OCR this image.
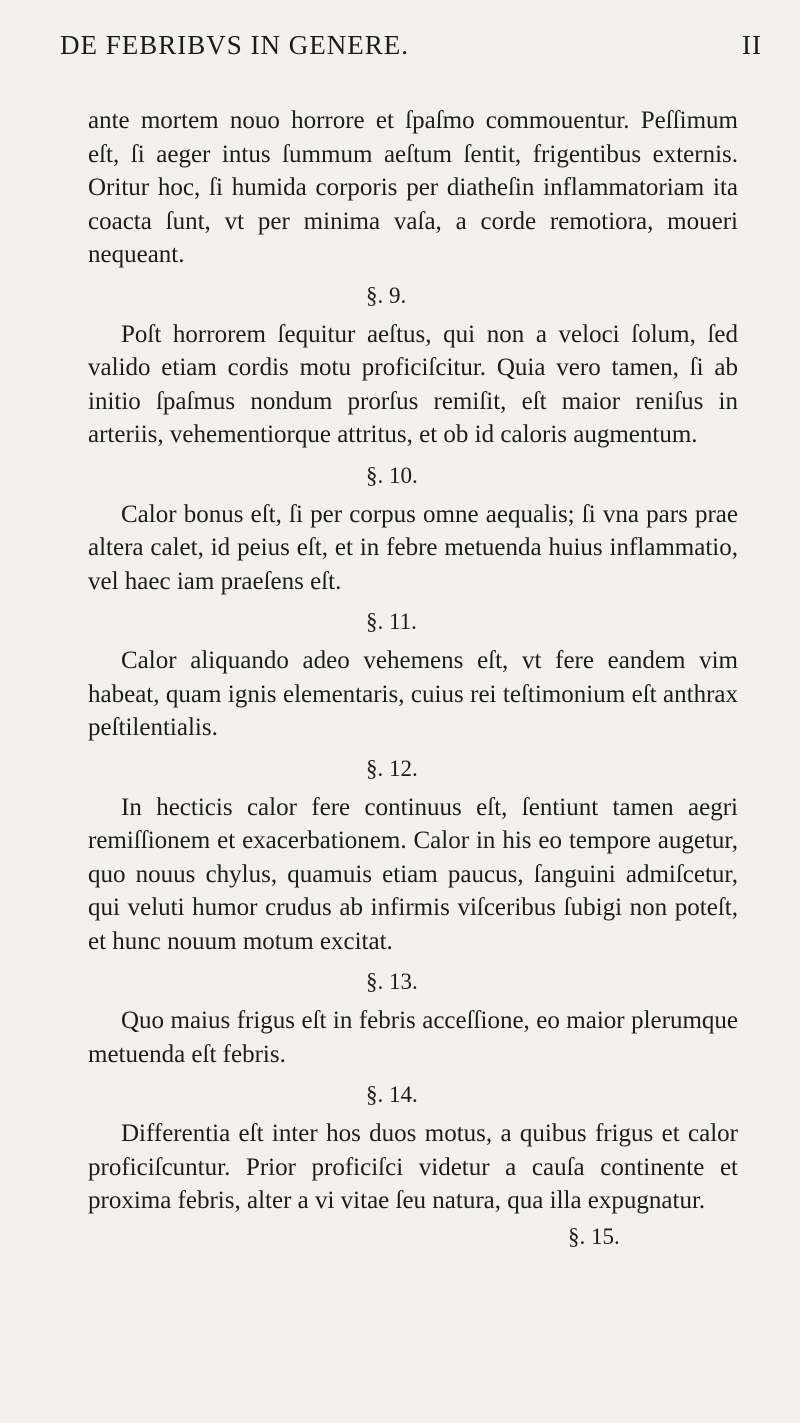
DE FEBRIBVS IN GENERE.	II

ante mortem nouo horrore et ſpaſmo commouentur. Peſſimum eſt, ſi aeger intus ſummum aeſtum ſentit, frigentibus externis. Oritur hoc, ſi humida corporis per diatheſin inflammatoriam ita coacta ſunt, vt per minima vaſa, a corde remotiora, moueri nequeant.

§. 9.

Poſt horrorem ſequitur aeſtus, qui non a veloci ſolum, ſed valido etiam cordis motu proficiſcitur. Quia vero tamen, ſi ab initio ſpaſmus nondum prorſus remiſit, eſt maior reniſus in arteriis, vehementiorque attritus, et ob id caloris augmentum.

§. 10.

Calor bonus eſt, ſi per corpus omne aequalis; ſi vna pars prae altera calet, id peius eſt, et in febre metuenda huius inflammatio, vel haec iam praeſens eſt.

§. 11.

Calor aliquando adeo vehemens eſt, vt fere eandem vim habeat, quam ignis elementaris, cuius rei teſtimonium eſt anthrax peſtilentialis.

§. 12.

In hecticis calor fere continuus eſt, ſentiunt tamen aegri remiſſionem et exacerbationem. Calor in his eo tempore augetur, quo nouus chylus, quamuis etiam paucus, ſanguini admiſcetur, qui veluti humor crudus ab infirmis viſceribus ſubigi non poteſt, et hunc nouum motum excitat.

§. 13.

Quo maius frigus eſt in febris acceſſione, eo maior plerumque metuenda eſt febris.

§. 14.

Differentia eſt inter hos duos motus, a quibus frigus et calor proficiſcuntur. Prior proficiſci videtur a cauſa continente et proxima febris, alter a vi vitae ſeu natura, qua illa expugnatur.

§. 15.
